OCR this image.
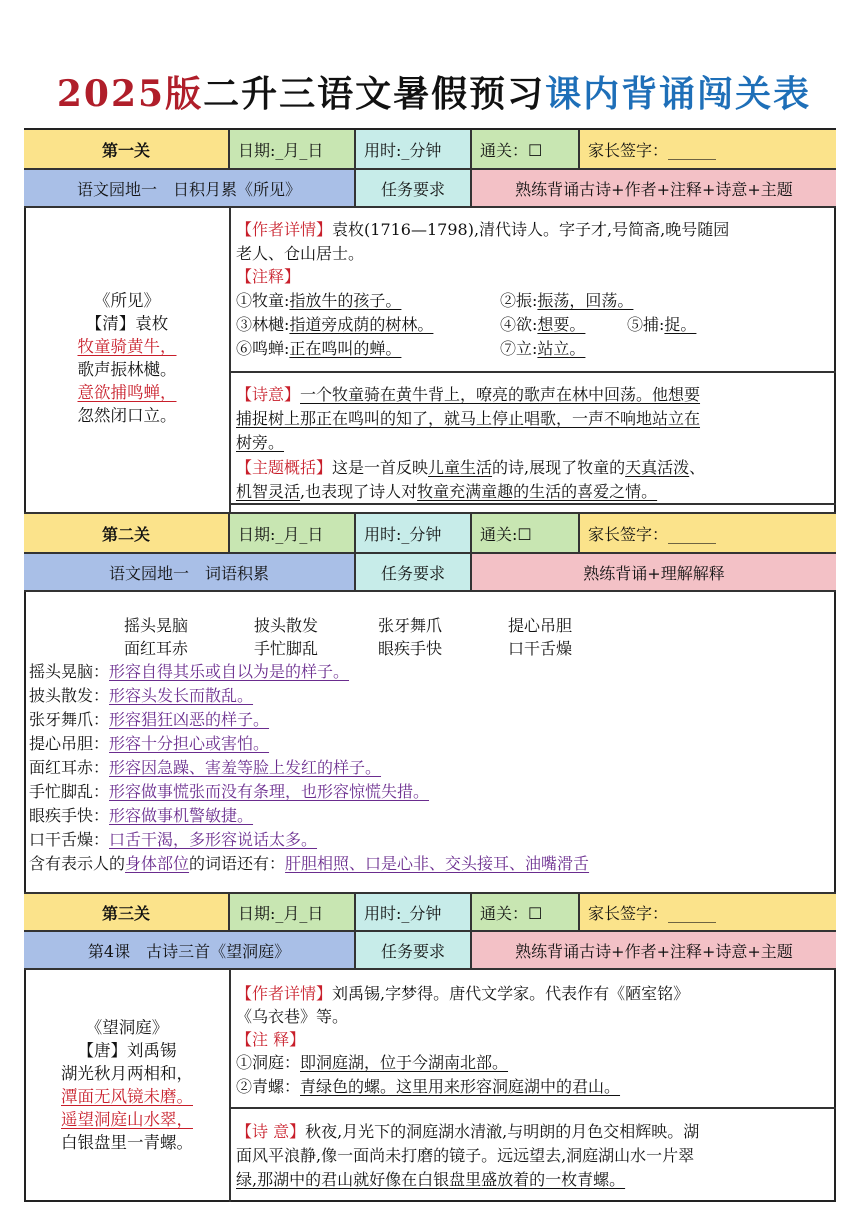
2025版二升三语文暑假预习课内背诵闯关表
第一关	日期:_月_日	用时:_分钟	通关：☐	家长签字：______
语文园地一　日积月累《所见》	任务要求	熟练背诵古诗+作者+注释+诗意+主题
《所见》
【清】袁枚
牧童骑黄牛，
歌声振林樾。
意欲捕鸣蝉，
忽然闭口立。
【作者详情】袁枚(1716—1798),清代诗人。字子才,号简斋,晚号随园
老人、仓山居士。
【注释】
①牧童:指放牛的孩子。	②振:振荡，回荡。
③林樾:指道旁成荫的树林。	④欲:想要。	⑤捕:捉。
⑥鸣蝉:正在鸣叫的蝉。	⑦立:站立。
【诗意】一个牧童骑在黄牛背上，嘹亮的歌声在林中回荡。他想要
捕捉树上那正在鸣叫的知了，就马上停止唱歌，一声不响地站立在
树旁。
【主题概括】这是一首反映儿童生活的诗,展现了牧童的天真活泼、
机智灵活,也表现了诗人对牧童充满童趣的生活的喜爱之情。
第二关	日期:_月_日	用时:_分钟	通关:☐	家长签字：______
语文园地一　词语积累	任务要求	熟练背诵+理解解释
摇头晃脑	披头散发	张牙舞爪	提心吊胆
面红耳赤	手忙脚乱	眼疾手快	口干舌燥
摇头晃脑：形容自得其乐或自以为是的样子。
披头散发：形容头发长而散乱。
张牙舞爪：形容猖狂凶恶的样子。
提心吊胆：形容十分担心或害怕。
面红耳赤：形容因急躁、害羞等脸上发红的样子。
手忙脚乱：形容做事慌张而没有条理，也形容惊慌失措。
眼疾手快：形容做事机警敏捷。
口干舌燥：口舌干渴，多形容说话太多。
含有表示人的身体部位的词语还有：肝胆相照、口是心非、交头接耳、油嘴滑舌
第三关	日期:_月_日	用时:_分钟	通关：☐	家长签字：______
第4课　古诗三首《望洞庭》	任务要求	熟练背诵古诗+作者+注释+诗意+主题
《望洞庭》
【唐】刘禹锡
湖光秋月两相和，
潭面无风镜未磨。
遥望洞庭山水翠，
白银盘里一青螺。
【作者详情】刘禹锡,字梦得。唐代文学家。代表作有《陋室铭》
《乌衣巷》等。
【注 释】
①洞庭：即洞庭湖，位于今湖南北部。
②青螺：青绿色的螺。这里用来形容洞庭湖中的君山。
【诗 意】秋夜,月光下的洞庭湖水清澈,与明朗的月色交相辉映。湖
面风平浪静,像一面尚未打磨的镜子。远远望去,洞庭湖山水一片翠
绿,那湖中的君山就好像在白银盘里盛放着的一枚青螺。
